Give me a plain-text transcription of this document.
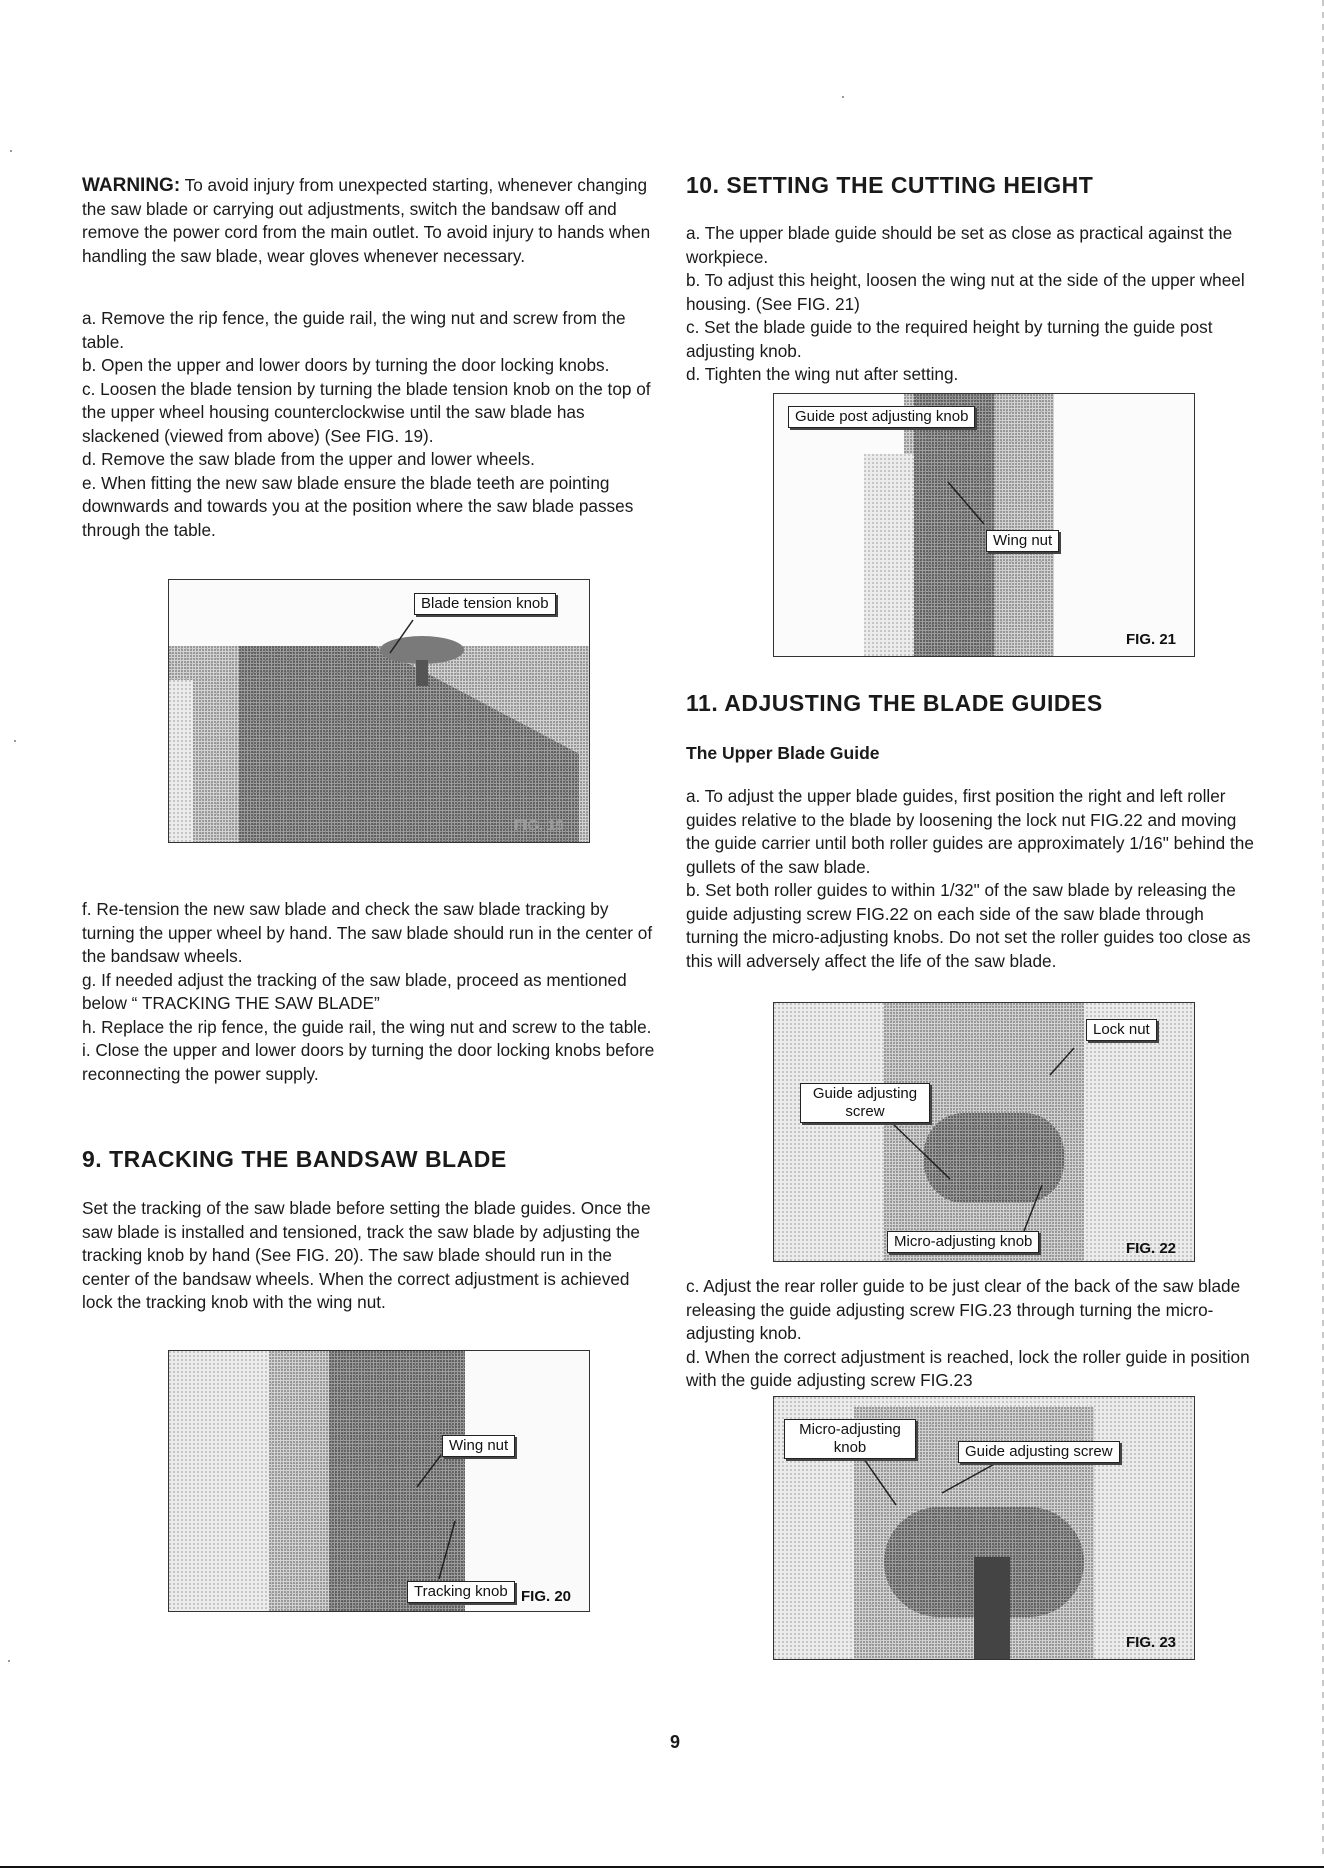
WARNING: To avoid injury from unexpected starting, whenever changing the saw blade or carrying out adjustments, switch the bandsaw off and remove the power cord from the main outlet. To avoid injury to hands when handling the saw blade, wear gloves whenever necessary.

a. Remove the rip fence, the guide rail, the wing nut and screw from the table.
b. Open the upper and lower doors by turning the door locking knobs.
c. Loosen the blade tension by turning the blade tension knob on the top of the upper wheel housing counterclockwise until the saw blade has slackened (viewed from above) (See FIG. 19).
d. Remove the saw blade from the upper and lower wheels.
e. When fitting the new saw blade ensure the blade teeth are pointing downwards and towards you at the position where the saw blade passes through the table.
Blade tension knob
FIG. 19
f. Re-tension the new saw blade and check the saw blade tracking by turning the upper wheel by hand. The saw blade should run in the center of the bandsaw wheels.
g. If needed adjust the tracking of the saw blade, proceed as mentioned below “ TRACKING THE SAW BLADE”
h. Replace the rip fence, the guide rail, the wing nut and screw to the table.
i. Close the upper and lower doors by turning the door locking knobs before reconnecting the power supply.
9. TRACKING THE BANDSAW BLADE

Set the tracking of the saw blade before setting the blade guides. Once the saw blade is installed and tensioned, track the saw blade by adjusting the tracking knob by hand (See FIG. 20). The saw blade should run in the center of the bandsaw wheels. When the correct adjustment is achieved lock the tracking knob with the wing nut.

Wing nut
Tracking knob FIG. 20
10. SETTING THE CUTTING HEIGHT
a. The upper blade guide should be set as close as practical against the workpiece.
b. To adjust this height, loosen the wing nut at the side of the upper wheel housing. (See FIG. 21)
c. Set the blade guide to the required height by turning the guide post adjusting knob.
d. Tighten the wing nut after setting.
Guide post adjusting knob
Wing nut
FIG. 21
11. ADJUSTING THE BLADE GUIDES
The Upper Blade Guide
a. To adjust the upper blade guides, first position the right and left roller guides relative to the blade by loosening the lock nut FIG.22 and moving the guide carrier until both roller guides are approximately 1/16" behind the gullets of the saw blade.
b. Set both roller guides to within 1/32" of the saw blade by releasing the guide adjusting screw FIG.22 on each side of the saw blade through turning the micro-adjusting knobs. Do not set the roller guides too close as this will adversely affect the life of the saw blade.
Lock nut
Guide adjusting screw
Micro-adjusting knob	FIG. 22
c. Adjust the rear roller guide to be just clear of the back of the saw blade releasing the guide adjusting screw FIG.23 through turning the micro-adjusting knob.
d. When the correct adjustment is reached, lock the roller guide in position with the guide adjusting screw FIG.23
Micro-adjusting knob	Guide adjusting screw
FIG. 23
9
